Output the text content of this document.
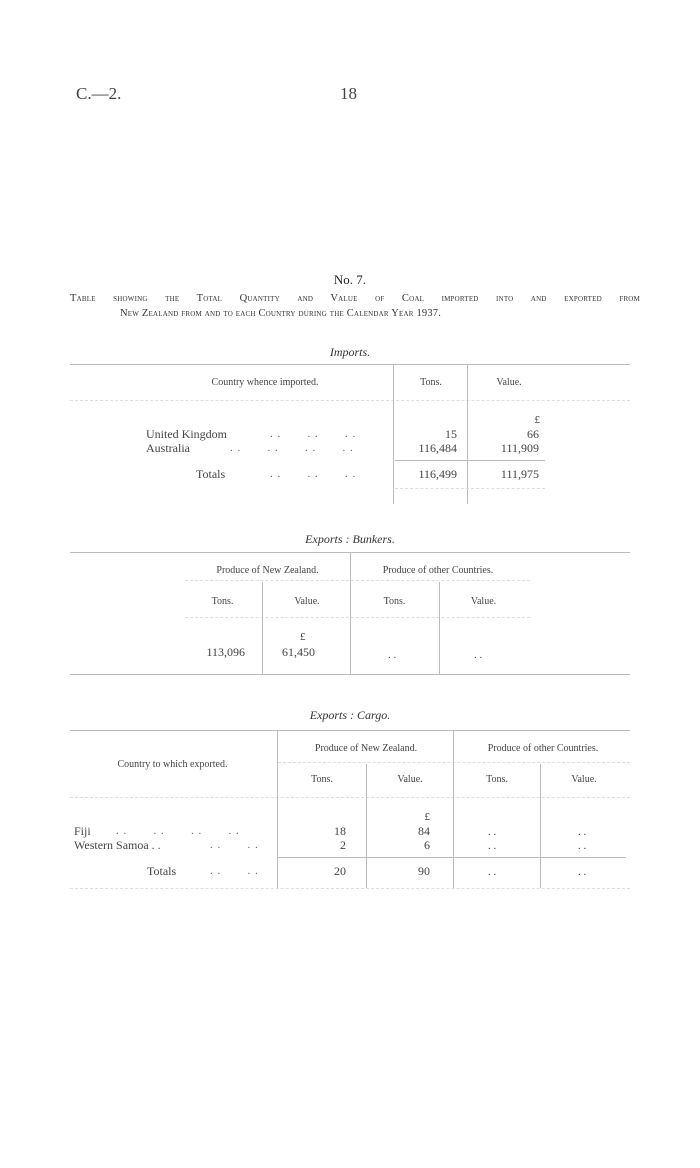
C.—2.	18
No. 7.
Table showing the Total Quantity and Value of Coal imported into and exported from
New Zealand from and to each Country during the Calendar Year 1937.
Imports.
Country whence imported.	Tons.	Value.
£
United Kingdom	. .       . .       . .	15	66
Australia	. .       . .       . .       . .	116,484	111,909
Totals	. .       . .       . .	116,499	111,975
Exports : Bunkers.
Produce of New Zealand.	Produce of other Countries.
Tons.	Value.	Tons.	Value.
£
113,096	61,450	. .	. .
Exports : Cargo.
Country to which exported.
Produce of New Zealand.	Produce of other Countries.
Tons.	Value.	Tons.	Value.
£
Fiji . .       . .       . .       . .	18	84	. .	. .
Western Samoa . .	. .       . .	2	6	. .	. .
Totals	. .       . .	20	90	. .	. .
